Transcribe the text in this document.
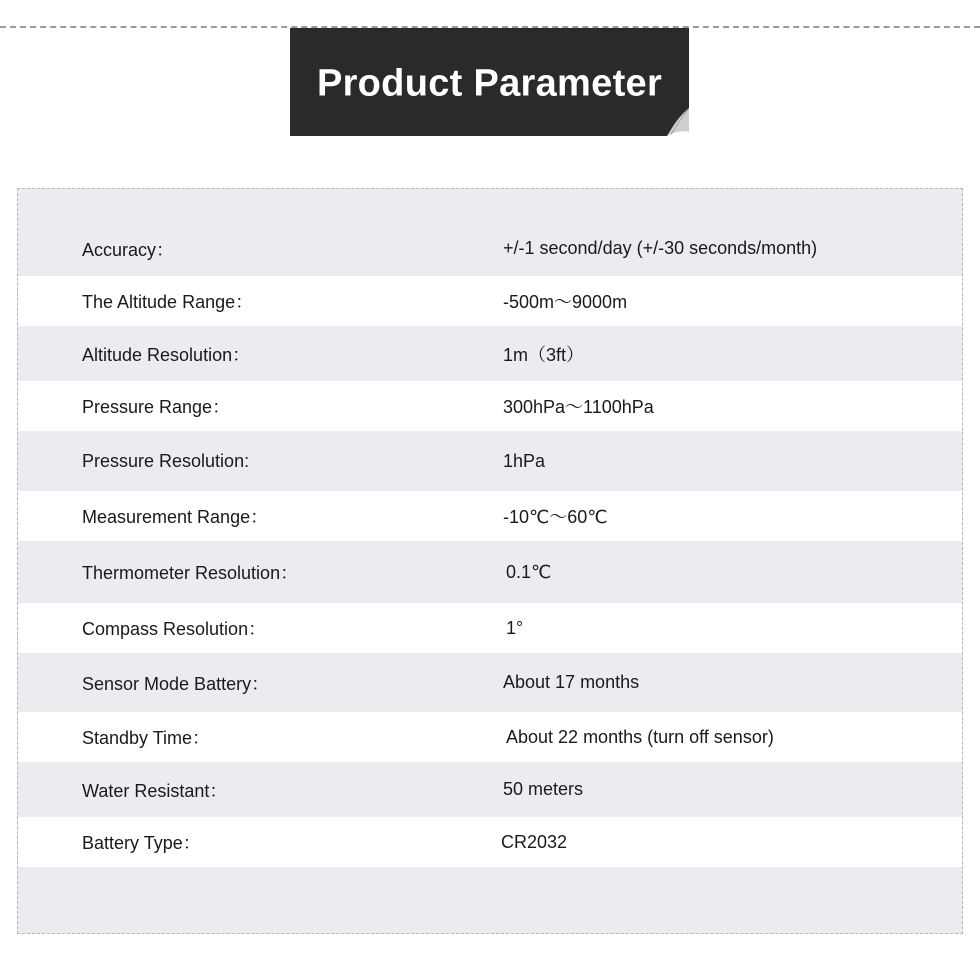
Product Parameter
Accuracy：	+/-1 second/day (+/-30 seconds/month)
The Altitude Range：	-500m～9000m
Altitude Resolution：	1m（3ft）
Pressure Range：	300hPa～1100hPa
Pressure Resolution:	1hPa
Measurement Range：	-10℃～60℃
Thermometer Resolution：	0.1℃
Compass Resolution：	1°
Sensor Mode Battery：	About 17 months
Standby Time：	About 22 months (turn off sensor)
Water Resistant：	50 meters
Battery Type：	CR2032
